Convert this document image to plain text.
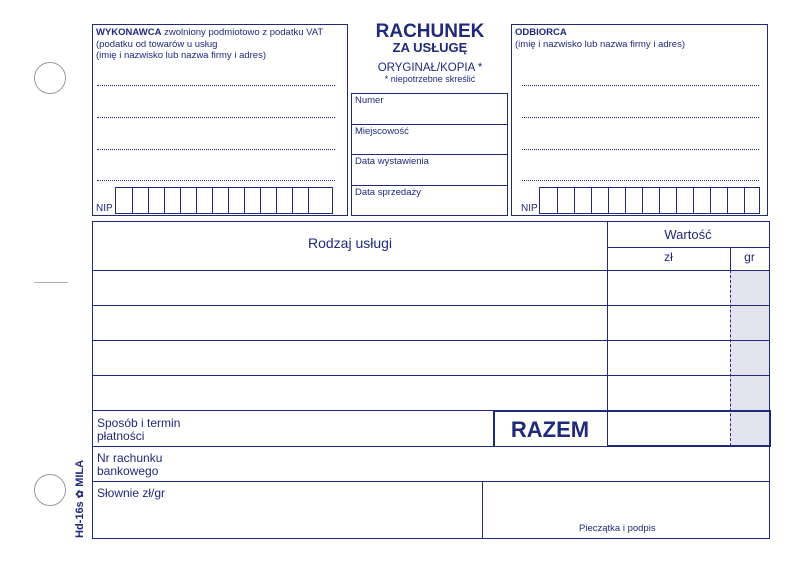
Hd-16s ✿ MILA
WYKONAWCA zwolniony podmiotowo z podatku VAT
(podatku od towarów u usług
(imię i nazwisko lub nazwa firmy i adres)
NIP
RACHUNEK
ZA USŁUGĘ
ORYGINAŁ/KOPIA *
* niepotrzebne skreślić
Numer
Miejscowość
Data wystawienia
Data sprzedaży
ODBIORCA
(imię i nazwisko lub nazwa firmy i adres)
NIP
Rodzaj usługi
Wartość
zł	gr
Sposób i termin
płatności	RAZEM
Nr rachunku
bankowego
Słownie zł/gr
Pieczątka i podpis
